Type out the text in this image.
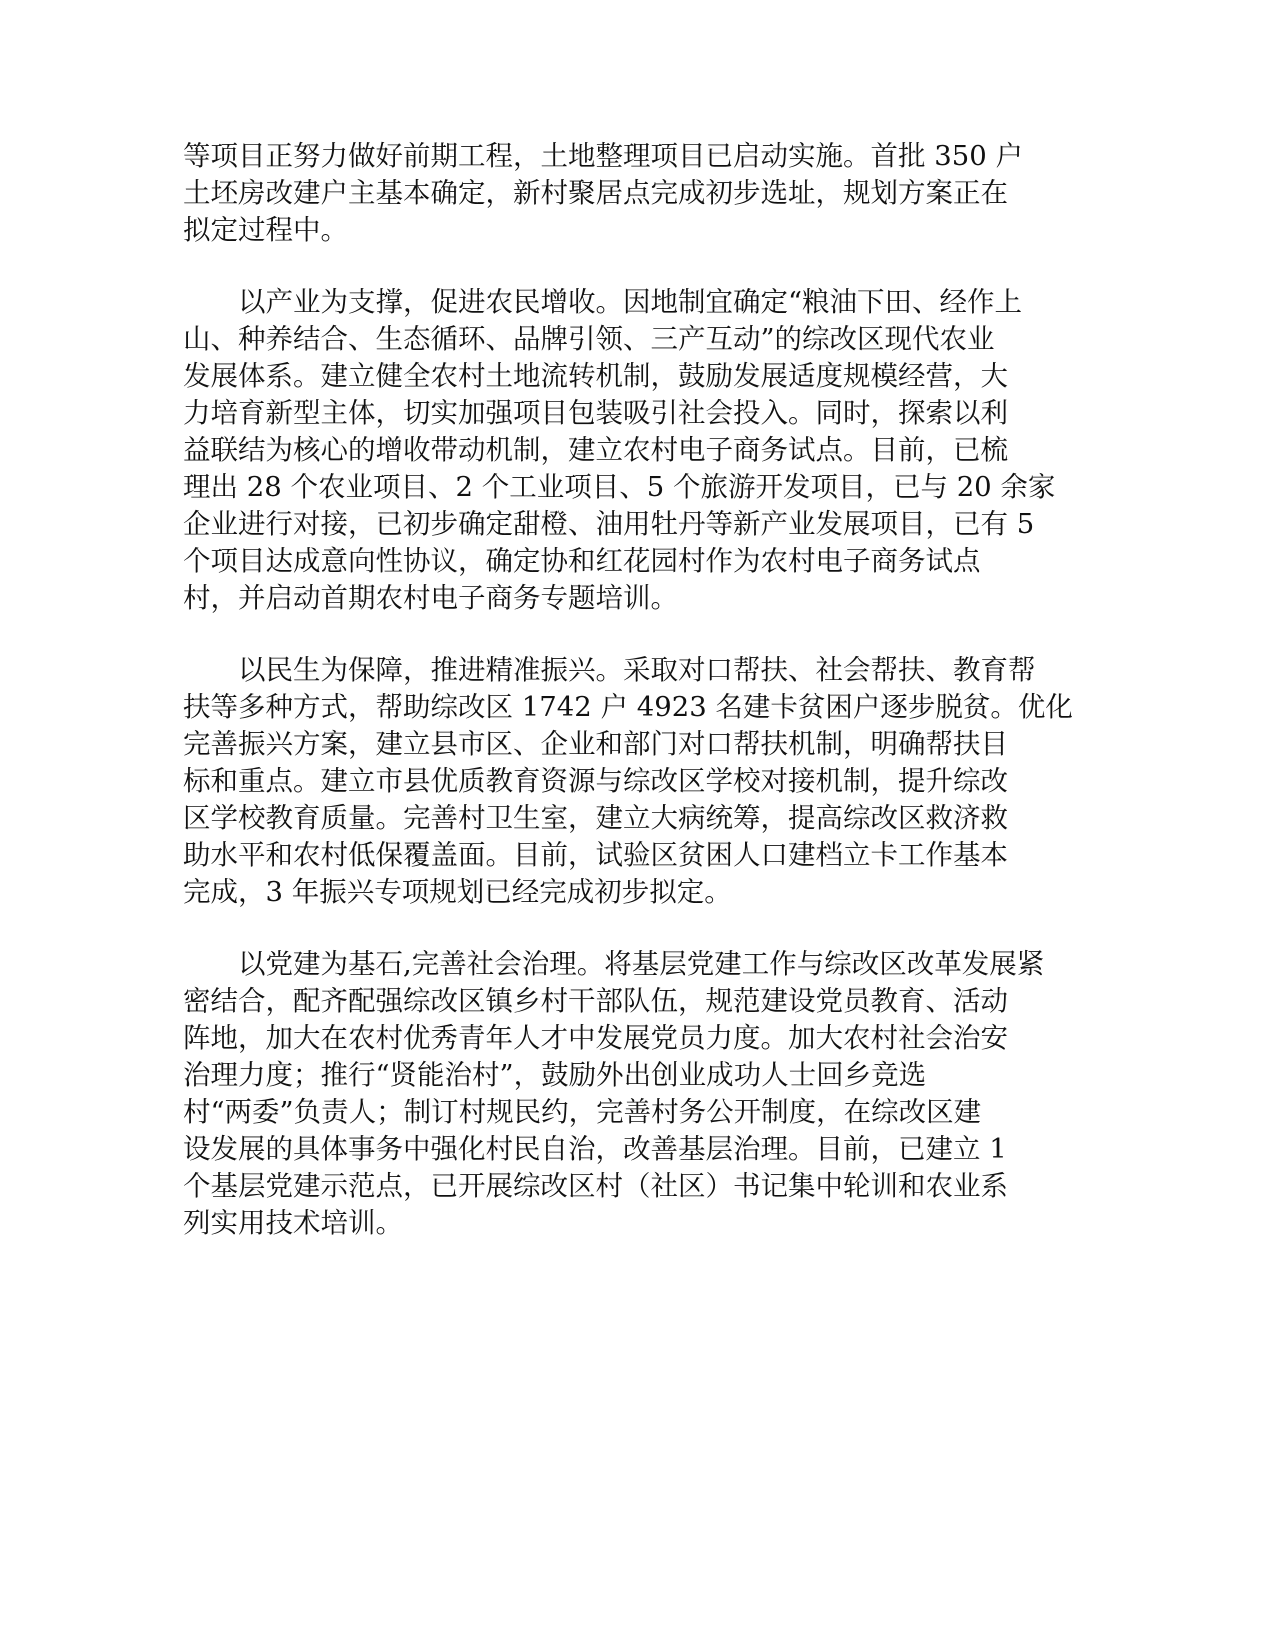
等项目正努力做好前期工程，土地整理项目已启动实施。首批 350 户
土坯房改建户主基本确定，新村聚居点完成初步选址，规划方案正在
拟定过程中。
以产业为支撑，促进农民增收。因地制宜确定“粮油下田、经作上
山、种养结合、生态循环、品牌引领、三产互动”的综改区现代农业
发展体系。建立健全农村土地流转机制，鼓励发展适度规模经营，大
力培育新型主体，切实加强项目包装吸引社会投入。同时，探索以利
益联结为核心的增收带动机制，建立农村电子商务试点。目前，已梳
理出 28 个农业项目、2 个工业项目、5 个旅游开发项目，已与 20 余家
企业进行对接，已初步确定甜橙、油用牡丹等新产业发展项目，已有 5
个项目达成意向性协议，确定协和红花园村作为农村电子商务试点
村，并启动首期农村电子商务专题培训。
以民生为保障，推进精准振兴。采取对口帮扶、社会帮扶、教育帮
扶等多种方式，帮助综改区 1742 户 4923 名建卡贫困户逐步脱贫。优化
完善振兴方案，建立县市区、企业和部门对口帮扶机制，明确帮扶目
标和重点。建立市县优质教育资源与综改区学校对接机制，提升综改
区学校教育质量。完善村卫生室，建立大病统筹，提高综改区救济救
助水平和农村低保覆盖面。目前，试验区贫困人口建档立卡工作基本
完成，3 年振兴专项规划已经完成初步拟定。
以党建为基石,完善社会治理。将基层党建工作与综改区改革发展紧
密结合，配齐配强综改区镇乡村干部队伍，规范建设党员教育、活动
阵地，加大在农村优秀青年人才中发展党员力度。加大农村社会治安
治理力度；推行“贤能治村”，鼓励外出创业成功人士回乡竞选
村“两委”负责人；制订村规民约，完善村务公开制度，在综改区建
设发展的具体事务中强化村民自治，改善基层治理。目前，已建立 1
个基层党建示范点，已开展综改区村（社区）书记集中轮训和农业系
列实用技术培训。
